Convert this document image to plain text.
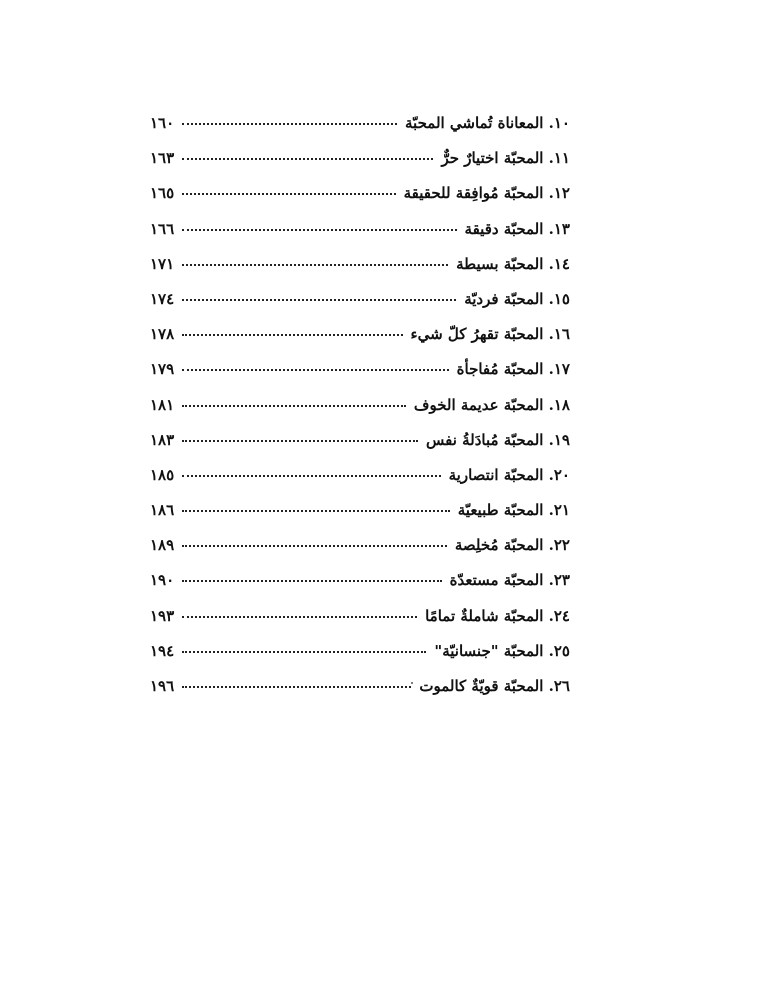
١٠. المعاناة تُماشي المحبّة
١٦٠
١١. المحبّة اختيارٌ حرٌّ
١٦٣
١٢. المحبّة مُوافِقة للحقيقة
١٦٥
١٣. المحبّة دقيقة
١٦٦
١٤. المحبّة بسيطة
١٧١
١٥. المحبّة فرديّة
١٧٤
١٦. المحبّة تقهرُ كلّ شيء
١٧٨
١٧. المحبّة مُفاجأة
١٧٩
١٨. المحبّة عديمة الخوف
١٨١
١٩. المحبّة مُبادَلةُ نفس
١٨٣
٢٠. المحبّة انتصارية
١٨٥
٢١. المحبّة طبيعيّة
١٨٦
٢٢. المحبّة مُخلِصة
١٨٩
٢٣. المحبّة مستعدّة
١٩٠
٢٤. المحبّة شاملةٌ تمامًا
١٩٣
٢٥. المحبّة "جنسانيّة"
١٩٤
٢٦. المحبّة قويّةٌ كالموت
١٩٦
